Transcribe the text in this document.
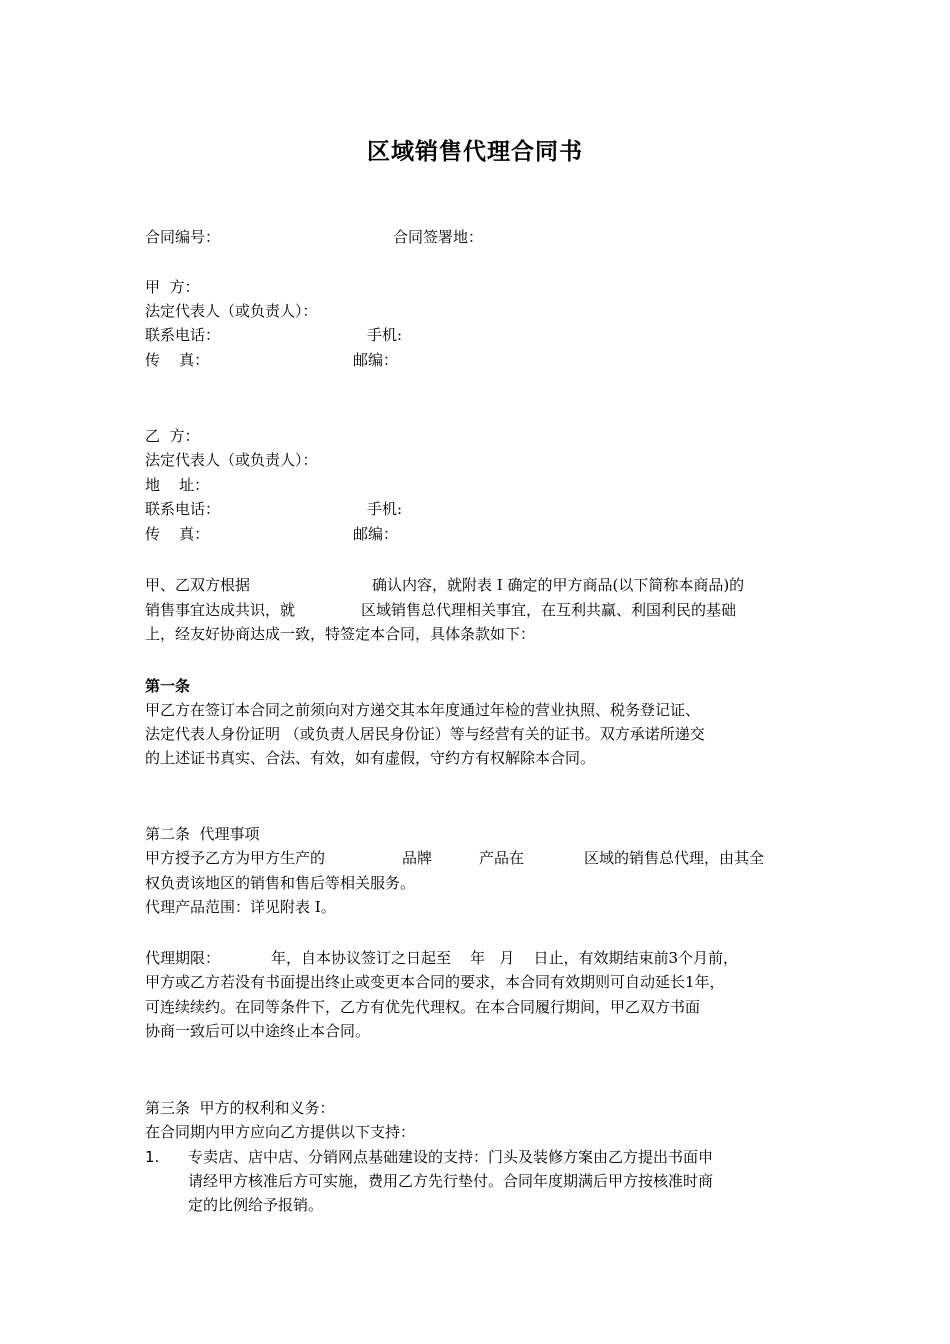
区域销售代理合同书
合同编号：	合同签署地：
甲  方：
法定代表人（或负责人）：
联系电话：	手机:
传    真：	邮编：
乙  方：
法定代表人（或负责人）：
地    址：
联系电话：	手机:
传    真：	邮编：
甲、乙双方根据	确认内容，就附表 I 确定的甲方商品(以下简称本商品)的
销售事宜达成共识，就	区域销售总代理相关事宜，在互利共赢、利国利民的基础
上，经友好协商达成一致，特签定本合同，具体条款如下：
第一条
甲乙方在签订本合同之前须向对方递交其本年度通过年检的营业执照、税务登记证、
法定代表人身份证明 （或负责人居民身份证）等与经营有关的证书。双方承诺所递交
的上述证书真实、合法、有效，如有虚假，守约方有权解除本合同。
第二条  代理事项
甲方授予乙方为甲方生产的	品牌	产品在	区域的销售总代理，由其全
权负责该地区的销售和售后等相关服务。
代理产品范围：详见附表 I。
代理期限：	年，自本协议签订之日起至    年   月    日止，有效期结束前3个月前，
甲方或乙方若没有书面提出终止或变更本合同的要求，本合同有效期则可自动延长1年，
可连续续约。在同等条件下，乙方有优先代理权。在本合同履行期间，甲乙双方书面
协商一致后可以中途终止本合同。
第三条  甲方的权利和义务：
在合同期内甲方应向乙方提供以下支持：
1. 专卖店、店中店、分销网点基础建设的支持：门头及装修方案由乙方提出书面申
请经甲方核准后方可实施，费用乙方先行垫付。合同年度期满后甲方按核准时商
定的比例给予报销。
